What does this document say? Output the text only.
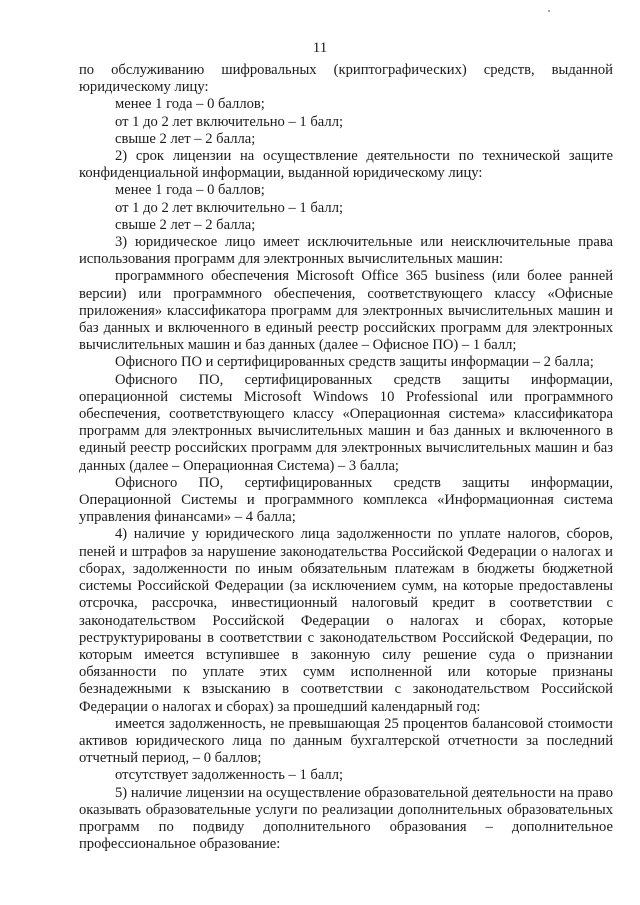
11

по обслуживанию шифровальных (криптографических) средств, выданной юридическому лицу:

менее 1 года – 0 баллов;

от 1 до 2 лет включительно – 1 балл;

свыше 2 лет – 2 балла;

2) срок лицензии на осуществление деятельности по технической защите конфиденциальной информации, выданной юридическому лицу:

менее 1 года – 0 баллов;

от 1 до 2 лет включительно – 1 балл;

свыше 2 лет – 2 балла;

3) юридическое лицо имеет исключительные или неисключительные права использования программ для электронных вычислительных машин:

программного обеспечения Microsoft Office 365 business (или более ранней версии) или программного обеспечения, соответствующего классу «Офисные приложения» классификатора программ для электронных вычислительных машин и баз данных и включенного в единый реестр российских программ для электронных вычислительных машин и баз данных (далее – Офисное ПО) – 1 балл;

Офисного ПО и сертифицированных средств защиты информации – 2 балла;

Офисного ПО, сертифицированных средств защиты информации, операционной системы Microsoft Windows 10 Professional или программного обеспечения, соответствующего классу «Операционная система» классификатора программ для электронных вычислительных машин и баз данных и включенного в единый реестр российских программ для электронных вычислительных машин и баз данных (далее – Операционная Система) – 3 балла;

Офисного ПО, сертифицированных средств защиты информации, Операционной Системы и программного комплекса «Информационная система управления финансами» – 4 балла;

4) наличие у юридического лица задолженности по уплате налогов, сборов, пеней и штрафов за нарушение законодательства Российской Федерации о налогах и сборах, задолженности по иным обязательным платежам в бюджеты бюджетной системы Российской Федерации (за исключением сумм, на которые предоставлены отсрочка, рассрочка, инвестиционный налоговый кредит в соответствии с законодательством Российской Федерации о налогах и сборах, которые реструктурированы в соответствии с законодательством Российской Федерации, по которым имеется вступившее в законную силу решение суда о признании обязанности по уплате этих сумм исполненной или которые признаны безнадежными к взысканию в соответствии с законодательством Российской Федерации о налогах и сборах) за прошедший календарный год:

имеется задолженность, не превышающая 25 процентов балансовой стоимости активов юридического лица по данным бухгалтерской отчетности за последний отчетный период, – 0 баллов;

отсутствует задолженность – 1 балл;

5) наличие лицензии на осуществление образовательной деятельности на право оказывать образовательные услуги по реализации дополнительных образовательных программ по подвиду дополнительного образования – дополнительное профессиональное образование:
